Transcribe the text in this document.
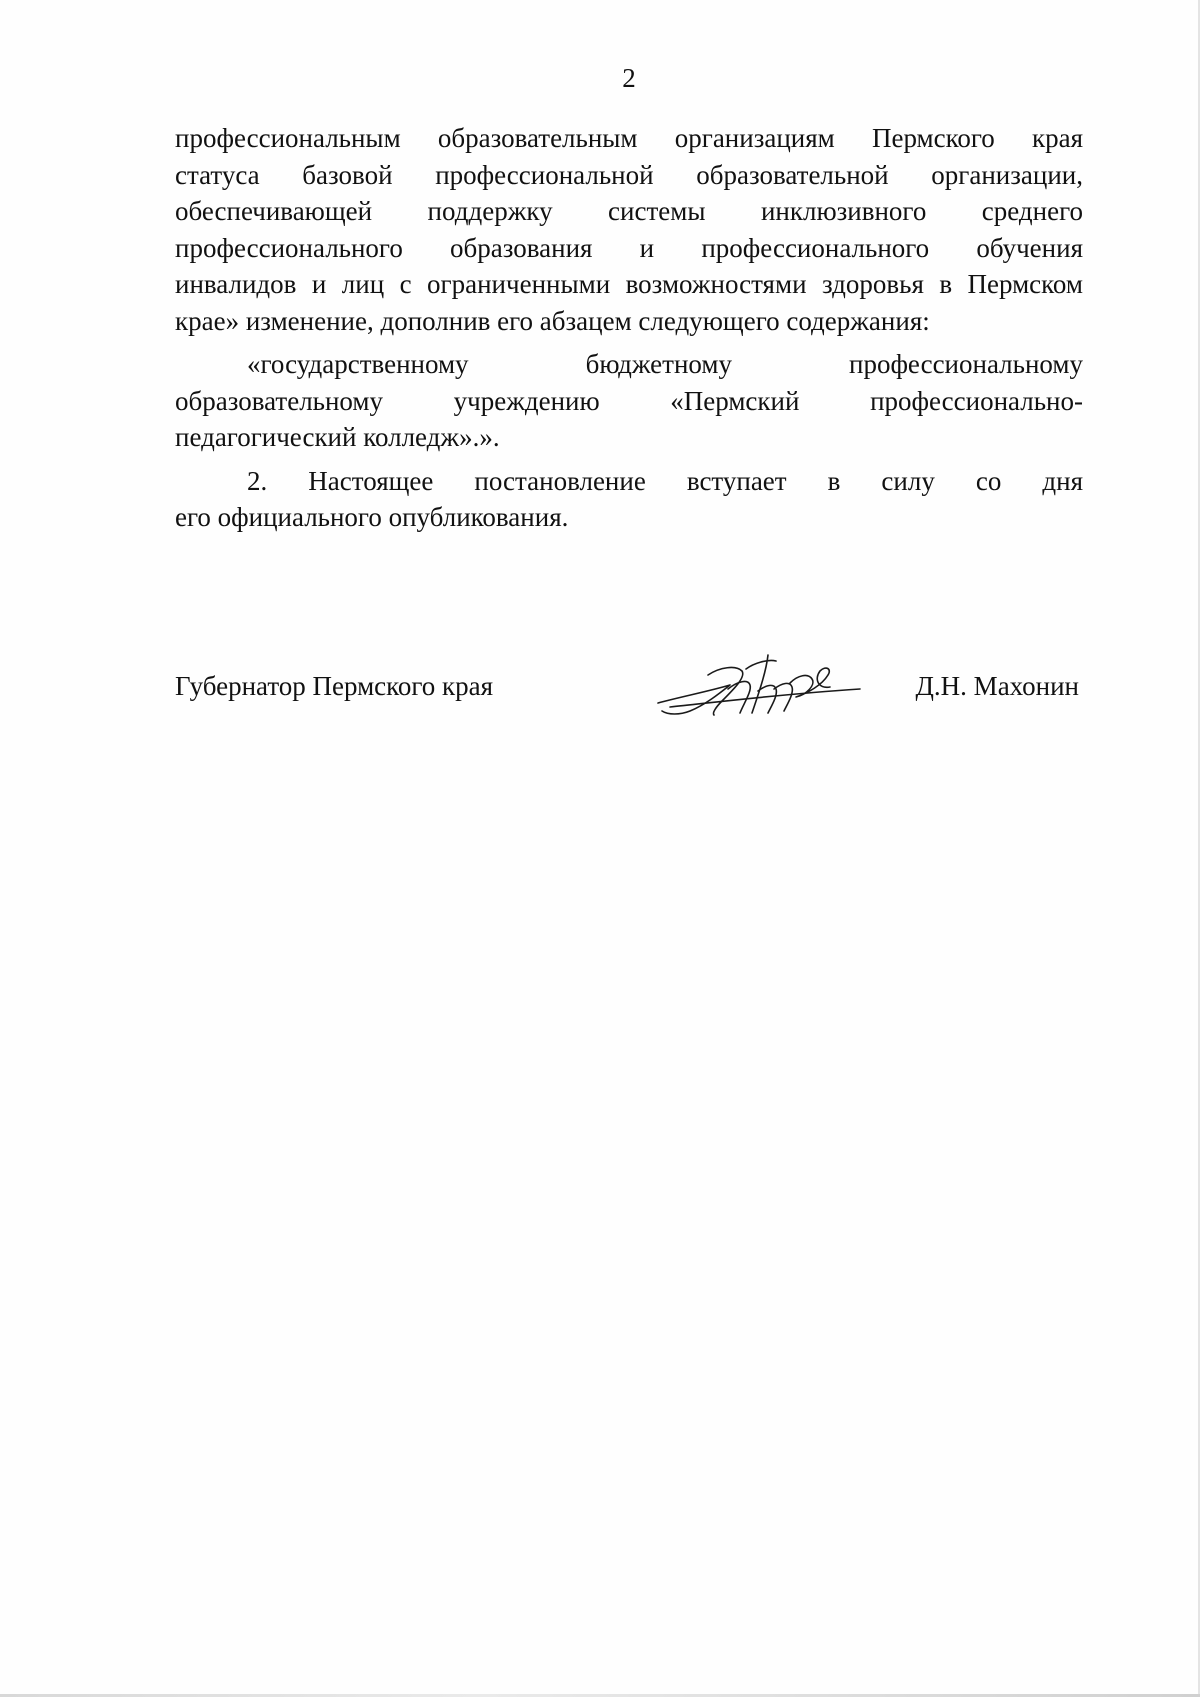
2

профессиональным образовательным организациям Пермского края
статуса базовой профессиональной образовательной организации,
обеспечивающей поддержку системы инклюзивного среднего
профессионального образования и профессионального обучения
инвалидов и лиц с ограниченными возможностями здоровья в Пермском
крае» изменение, дополнив его абзацем следующего содержания:

«государственному бюджетному профессиональному
образовательному учреждению «Пермский профессионально-
педагогический колледж».».

2. Настоящее постановление вступает в силу со дня
его официального опубликования.

Губернатор Пермского края	Д.Н. Махонин
